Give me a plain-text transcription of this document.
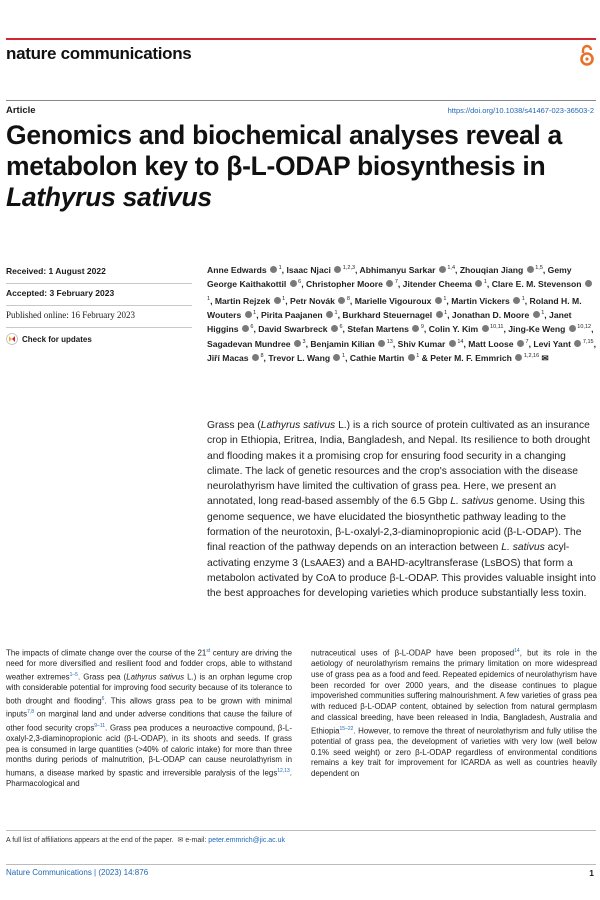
nature communications
Article	https://doi.org/10.1038/s41467-023-36503-2
Genomics and biochemical analyses reveal a
metabolon key to β-L-ODAP biosynthesis in
Lathyrus sativus
Received: 1 August 2022
Accepted: 3 February 2023
Published online: 16 February 2023
Check for updates
Anne Edwards  $^1$, Isaac Njaci  $^{1,2,3}$, Abhimanyu Sarkar  $^{1,4}$, Zhouqian Jiang  $^{1,5}$, Gemy George Kaithakottil  $^6$, Christopher Moore  $^7$, Jitender Cheema  $^1$, Clare E. M. Stevenson  $^1$, Martin Rejzek  $^1$, Petr Novák  $^8$, Marielle Vigouroux  $^1$, Martin Vickers  $^1$, Roland H. M. Wouters  $^1$, Pirita Paajanen  $^1$, Burkhard Steuernagel  $^1$, Jonathan D. Moore  $^1$, Janet Higgins  $^6$, David Swarbreck  $^6$, Stefan Martens  $^9$, Colin Y. Kim  $^{10,11}$, Jing-Ke Weng  $^{10,12}$, Sagadevan Mundree  $^3$, Benjamin Kilian  $^{13}$, Shiv Kumar  $^{14}$, Matt Loose  $^7$, Levi Yant  $^{7,15}$, Jiří Macas  $^8$, Trevor L. Wang  $^1$, Cathie Martin  $^1$ & Peter M. F. Emmrich  $^{1,2,16}$ ✉
Grass pea (Lathyrus sativus L.) is a rich source of protein cultivated as an insurance crop in Ethiopia, Eritrea, India, Bangladesh, and Nepal. Its resilience to both drought and flooding makes it a promising crop for ensuring food security in a changing climate. The lack of genetic resources and the crop's association with the disease neurolathyrism have limited the cultivation of grass pea. Here, we present an annotated, long read-based assembly of the 6.5 Gbp L. sativus genome. Using this genome sequence, we have elucidated the biosynthetic pathway leading to the formation of the neurotoxin, β-L-oxalyl-2,3-diaminopropionic acid (β-L-ODAP). The final reaction of the pathway depends on an interaction between L. sativus acyl-activating enzyme 3 (LsAAE3) and a BAHD-acyltransferase (LsBOS) that form a metabolon activated by CoA to produce β-L-ODAP. This provides valuable insight into the best approaches for developing varieties which produce substantially less toxin.
The impacts of climate change over the course of the 21st century are driving the need for more diversified and resilient food and fodder crops, able to withstand weather extremes$^{1-5}$. Grass pea (Lathyrus sativus L.) is an orphan legume crop with considerable potential for improving food security because of its tolerance to both drought and flooding$^6$. This allows grass pea to be grown with minimal inputs$^{7,8}$ on marginal land and under adverse conditions that cause the failure of other food security crops$^{9-11}$. Grass pea produces a neuroactive compound, β-L-oxalyl-2,3-diaminopropionic acid (β-L-ODAP), in its shoots and seeds. If grass pea is consumed in large quantities (>40% of caloric intake) for more than three months during periods of malnutrition, β-L-ODAP can cause neurolathyrism in humans, a disease marked by spastic and irreversible paralysis of the legs$^{12,13}$. Pharmacological and
nutraceutical uses of β-L-ODAP have been proposed$^{14}$, but its role in the aetiology of neurolathyrism remains the primary limitation on more widespread use of grass pea as a food and feed. Repeated epidemics of neurolathyrism have been recorded for over 2000 years, and the disease continues to plague impoverished communities suffering malnourishment. A few varieties of grass pea with reduced β-L-ODAP content, obtained by selection from natural germplasm and classical breeding, have been released in India, Bangladesh, Australia and Ethiopia$^{15-22}$. However, to remove the threat of neurolathyrism and fully utilise the potential of grass pea, the development of varieties with very low (well below 0.1% seed weight) or zero β-L-ODAP regardless of environmental conditions remains a key trait for improvement for ICARDA as well as countries heavily dependent on
A full list of affiliations appears at the end of the paper. ✉ e-mail: peter.emmrich@jic.ac.uk
Nature Communications | (2023) 14:876	1
